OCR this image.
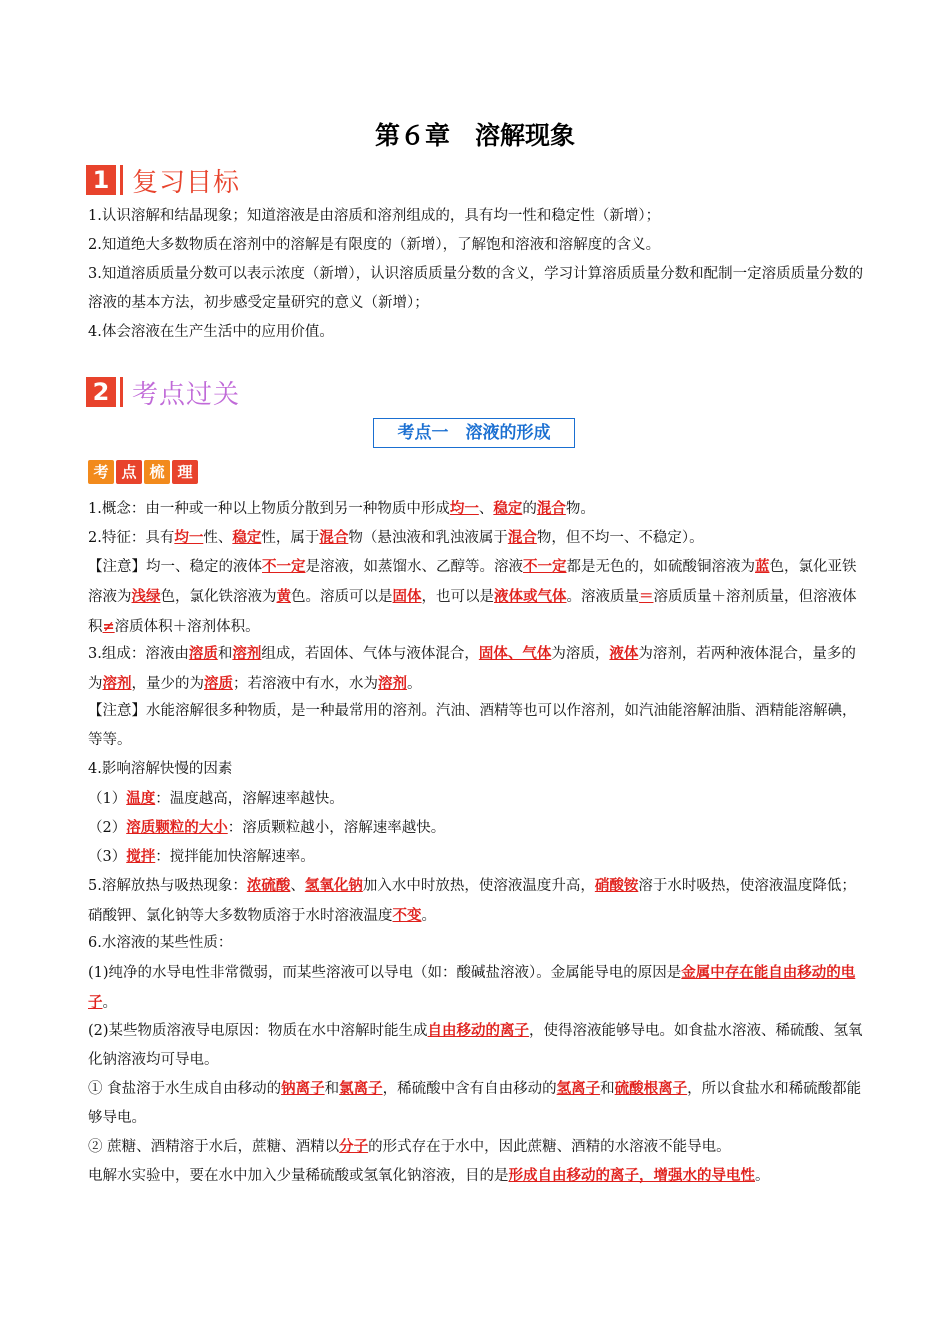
第６章　溶解现象
1 复习目标

1.认识溶解和结晶现象；知道溶液是由溶质和溶剂组成的，具有均一性和稳定性（新增）；

2.知道绝大多数物质在溶剂中的溶解是有限度的（新增），了解饱和溶液和溶解度的含义。

3.知道溶质质量分数可以表示浓度（新增），认识溶质质量分数的含义，学习计算溶质质量分数和配制一定溶质质量分数的溶液的基本方法，初步感受定量研究的意义（新增）；

4.体会溶液在生产生活中的应用价值。

2 考点过关
考点一　溶液的形成
考 点 梳 理

1.概念：由一种或一种以上物质分散到另一种物质中形成均一、稳定的混合物。

2.特征：具有均一性、稳定性，属于混合物（悬浊液和乳浊液属于混合物，但不均一、不稳定）。

【注意】均一、稳定的液体不一定是溶液，如蒸馏水、乙醇等。溶液不一定都是无色的，如硫酸铜溶液为蓝色，氯化亚铁溶液为浅绿色，氯化铁溶液为黄色。溶质可以是固体，也可以是液体或气体。溶液质量＝溶质质量＋溶剂质量，但溶液体积≠溶质体积＋溶剂体积。

3.组成：溶液由溶质和溶剂组成，若固体、气体与液体混合，固体、气体为溶质，液体为溶剂，若两种液体混合，量多的为溶剂，量少的为溶质；若溶液中有水，水为溶剂。

【注意】水能溶解很多种物质，是一种最常用的溶剂。汽油、酒精等也可以作溶剂，如汽油能溶解油脂、酒精能溶解碘，等等。

4.影响溶解快慢的因素

（1）温度：温度越高，溶解速率越快。

（2）溶质颗粒的大小：溶质颗粒越小，溶解速率越快。

（3）搅拌：搅拌能加快溶解速率。

5.溶解放热与吸热现象：浓硫酸、氢氧化钠加入水中时放热，使溶液温度升高，硝酸铵溶于水时吸热，使溶液温度降低；硝酸钾、氯化钠等大多数物质溶于水时溶液温度不变。

6.水溶液的某些性质：

(1)纯净的水导电性非常微弱，而某些溶液可以导电（如：酸碱盐溶液）。金属能导电的原因是金属中存在能自由移动的电子。

(2)某些物质溶液导电原因：物质在水中溶解时能生成自由移动的离子，使得溶液能够导电。如食盐水溶液、稀硫酸、氢氧化钠溶液均可导电。

① 食盐溶于水生成自由移动的钠离子和氯离子，稀硫酸中含有自由移动的氢离子和硫酸根离子，所以食盐水和稀硫酸都能够导电。

② 蔗糖、酒精溶于水后，蔗糖、酒精以分子的形式存在于水中，因此蔗糖、酒精的水溶液不能导电。

电解水实验中，要在水中加入少量稀硫酸或氢氧化钠溶液，目的是形成自由移动的离子，增强水的导电性。
